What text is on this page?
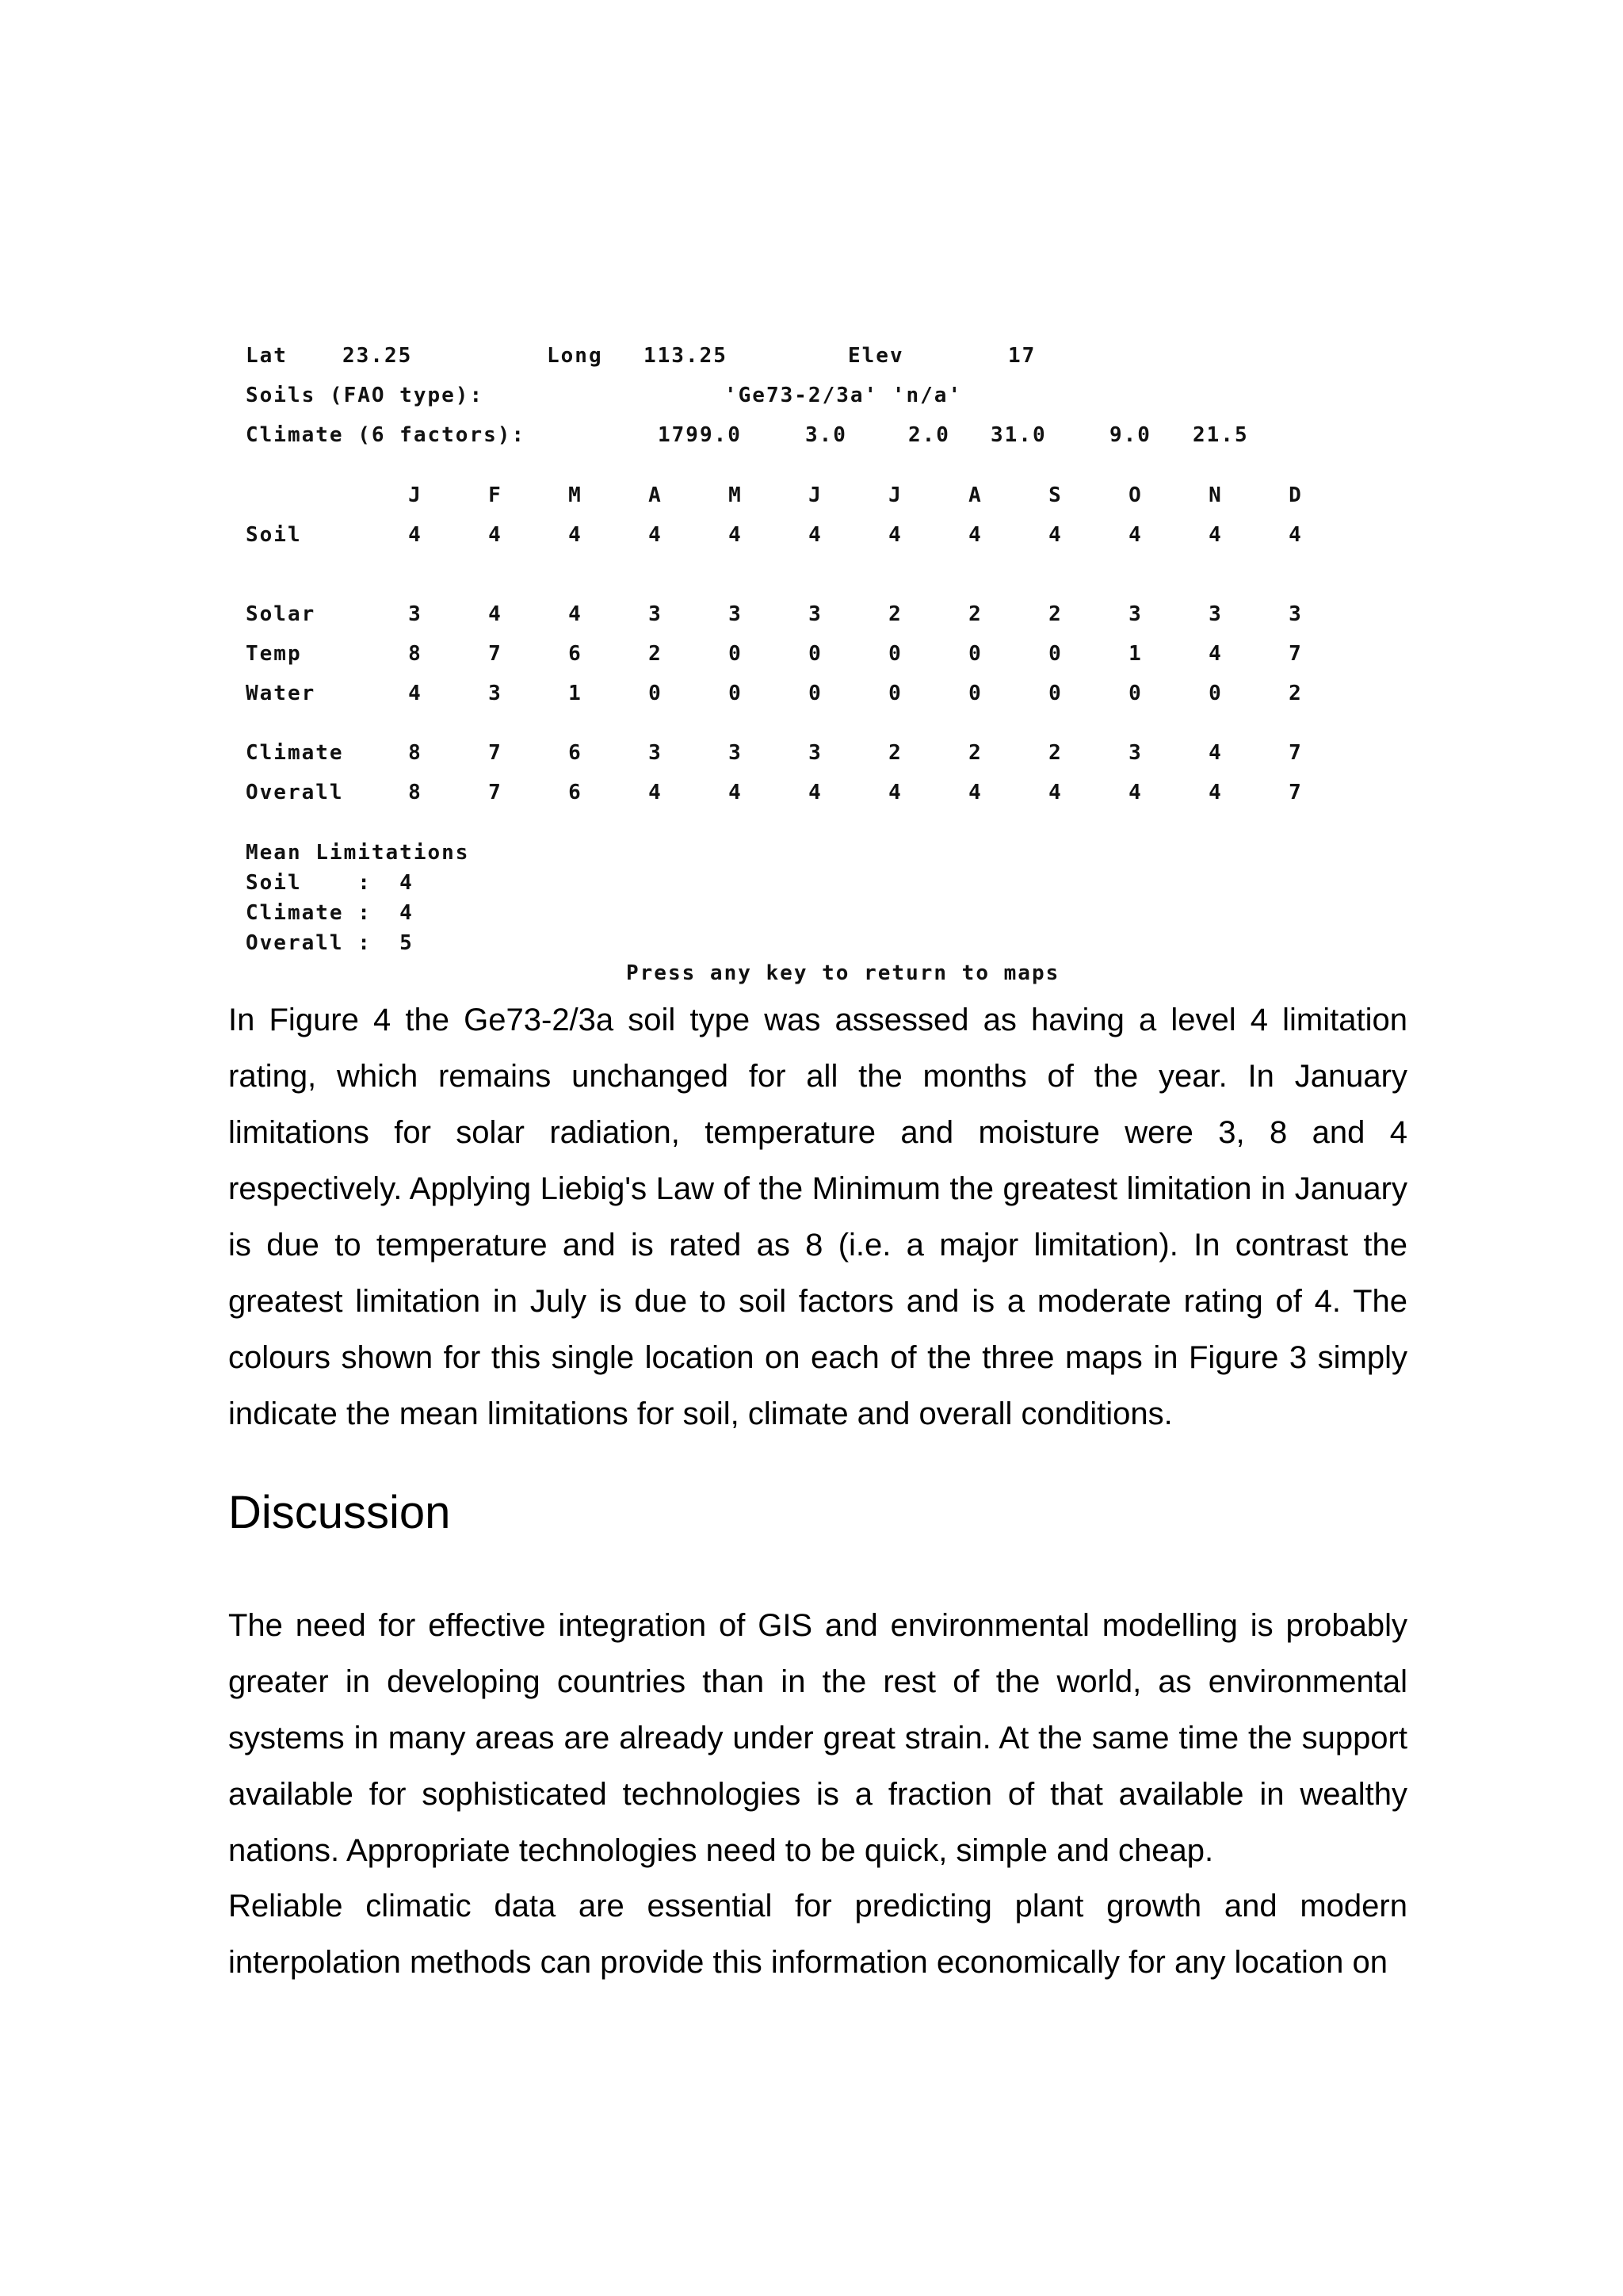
Lat	23.25	Long 113.25	Elev	17
Soils (FAO type):	'Ge73-2/3a' 'n/a'
Climate (6 factors):	1799.0	3.0	2.0 31.0	9.0 21.5
J	F	M	A	M	J	J	A	S	O	N	D
Soil	4	4	4	4	4	4	4	4	4	4	4	4
Solar	3	4	4	3	3	3	2	2	2	3	3	3
Temp	8	7	6	2	0	0	0	0	0	1	4	7
Water	4	3	1	0	0	0	0	0	0	0	0	2
Climate	8	7	6	3	3	3	2	2	2	3	4	7
Overall	8	7	6	4	4	4	4	4	4	4	4	7
Mean Limitations
Soil    :  4
Climate :  4
Overall :  5
Press any key to return to maps
In Figure 4 the Ge73-2/3a soil type was assessed as having a level 4 limitation rating, which remains unchanged for all the months of the year. In January limitations for solar radiation, temperature and moisture were 3, 8 and 4 respectively. Applying Liebig's Law of the Minimum the greatest limitation in January is due to temperature and is rated as 8 (i.e. a major limitation). In contrast the greatest limitation in July is due to soil factors and is a moderate rating of 4. The colours shown for this single location on each of the three maps in Figure 3 simply indicate the mean limitations for soil, climate and overall conditions.
Discussion
The need for effective integration of GIS and environmental modelling is probably greater in developing countries than in the rest of the world, as environmental systems in many areas are already under great strain. At the same time the support available for sophisticated technologies is a fraction of that available in wealthy nations. Appropriate technologies need to be quick, simple and cheap.
Reliable climatic data are essential for predicting plant growth and modern interpolation methods can provide this information economically for any location on
